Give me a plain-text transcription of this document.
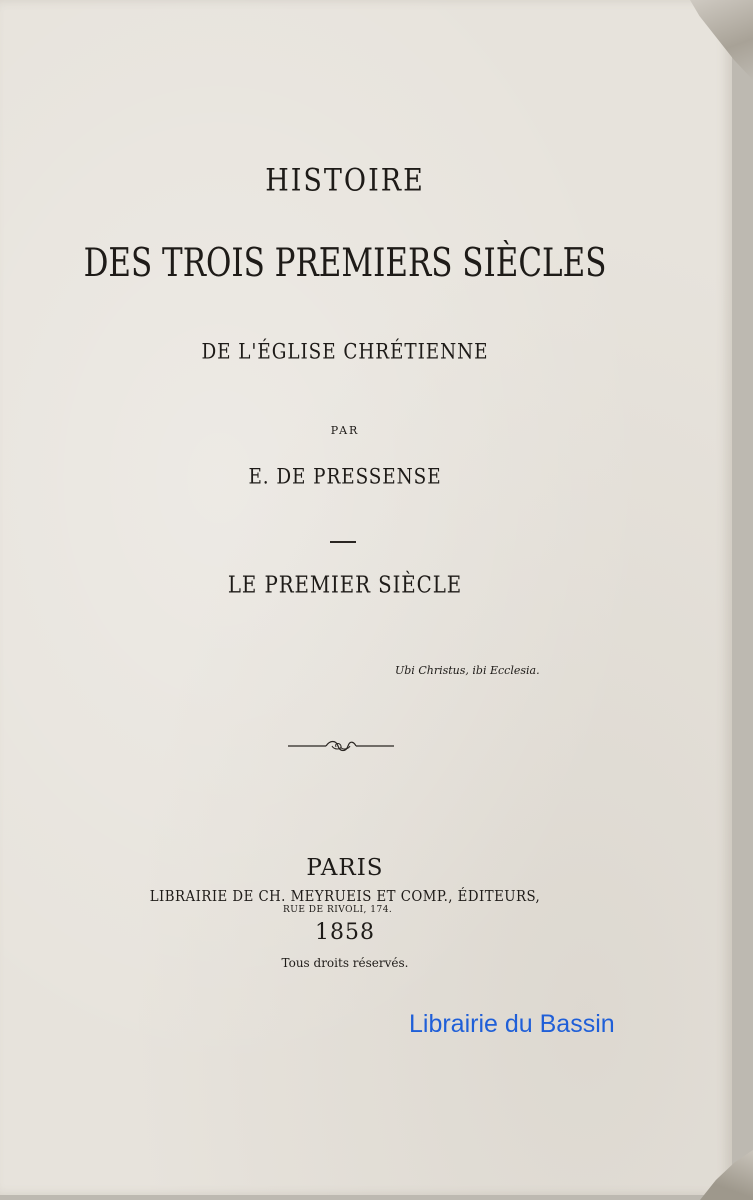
HISTOIRE
DES TROIS PREMIERS SIÈCLES
DE L'ÉGLISE CHRÉTIENNE
PAR
E. DE PRESSENSE
LE PREMIER SIÈCLE
Ubi Christus, ibi Ecclesia.
PARIS
LIBRAIRIE DE CH. MEYRUEIS ET COMP., ÉDITEURS,
RUE DE RIVOLI, 174.
1858
Tous droits réservés.
Librairie du Bassin
